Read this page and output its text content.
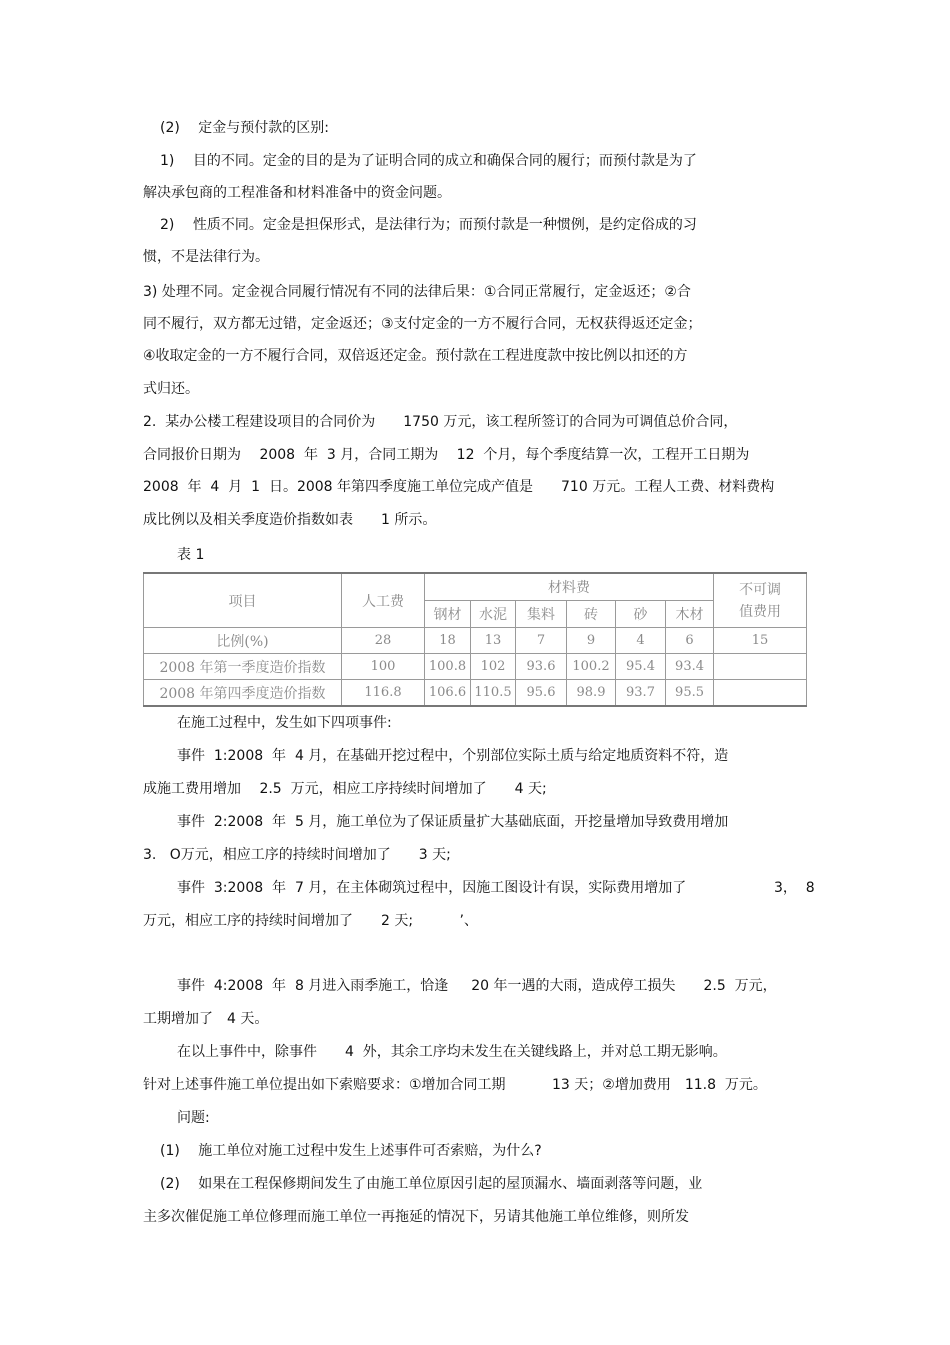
(2)　 定金与预付款的区别:

1)　 目的不同。定金的目的是为了证明合同的成立和确保合同的履行；而预付款是为了

解决承包商的工程准备和材料准备中的资金问题。

2)　 性质不同。定金是担保形式，是法律行为；而预付款是一种惯例，是约定俗成的习

惯，不是法律行为。

3) 处理不同。定金视合同履行情况有不同的法律后果：①合同正常履行，定金返还；②合

同不履行，双方都无过错，定金返还；③支付定金的一方不履行合同，无权获得返还定金；

④收取定金的一方不履行合同，双倍返还定金。预付款在工程进度款中按比例以扣还的方

式归还。

2.  某办公楼工程建设项目的合同价为　　1750 万元，该工程所签订的合同为可调值总价合同，

合同报价日期为　 2008  年  3 月，合同工期为　 12  个月，每个季度结算一次，工程开工日期为

2008  年  4  月  1  日。2008 年第四季度施工单位完成产值是　　710 万元。工程人工费、材料费构

成比例以及相关季度造价指数如表　　1 所示。

表 1

项目	人工费	材料费						不可调
值费用
		钢材	水泥	集料	砖	砂	木材	
比例(%)	28	18	13	7	9	4	6	15
2008 年第一季度造价指数	100	100.8	102	93.6	100.2	95.4	93.4	
2008 年第四季度造价指数	116.8	106.6	110.5	95.6	98.9	93.7	95.5	

在施工过程中，发生如下四项事件:

事件  1:2008  年  4 月，在基础开挖过程中，个别部位实际土质与给定地质资料不符，造

成施工费用增加　 2.5  万元，相应工序持续时间增加了　　4 天;

事件  2:2008  年  5 月，施工单位为了保证质量扩大基础底面，开挖量增加导致费用增加

3.   O万元，相应工序的持续时间增加了　　3 天;

事件  3:2008  年  7 月，在主体砌筑过程中，因施工图设计有误，实际费用增加了	3，  8

万元，相应工序的持续时间增加了　　2 天;　　　 ’、

事件  4:2008  年  8 月进入雨季施工，恰逢　  20 年一遇的大雨，造成停工损失　　2.5  万元，

工期增加了　4 天。

在以上事件中，除事件　　4  外，其余工序均未发生在关键线路上，并对总工期无影响。

针对上述事件施工单位提出如下索赔要求：①增加合同工期　　　 13 天；②增加费用　11.8  万元。

问题:

(1)　 施工单位对施工过程中发生上述事件可否索赔，为什么?

(2)　 如果在工程保修期间发生了由施工单位原因引起的屋顶漏水、墙面剥落等问题，业

主多次催促施工单位修理而施工单位一再拖延的情况下，另请其他施工单位维修，则所发
